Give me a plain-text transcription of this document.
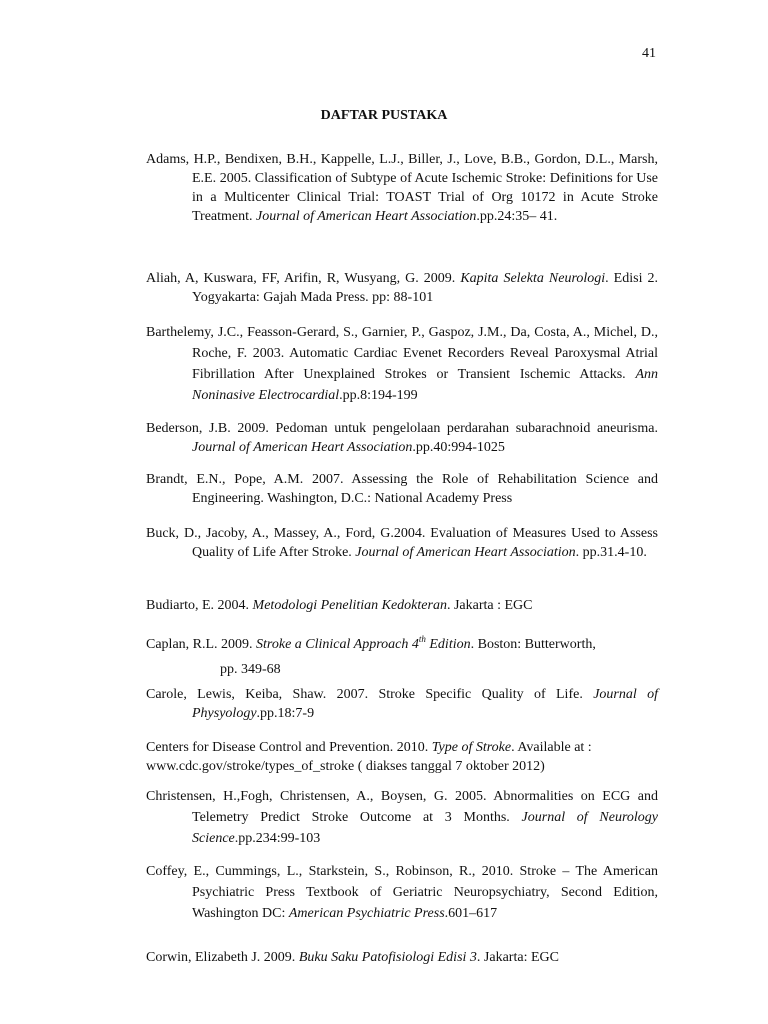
41
DAFTAR PUSTAKA
Adams, H.P., Bendixen, B.H., Kappelle, L.J., Biller, J., Love, B.B., Gordon, D.L., Marsh, E.E. 2005. Classification of Subtype of Acute Ischemic Stroke: Definitions for Use in a Multicenter Clinical Trial: TOAST Trial of Org 10172 in Acute Stroke Treatment. Journal of American Heart Association.pp.24:35– 41.
Aliah, A, Kuswara, FF, Arifin, R, Wusyang, G. 2009. Kapita Selekta Neurologi. Edisi 2. Yogyakarta: Gajah Mada Press. pp: 88-101
Barthelemy, J.C., Feasson-Gerard, S., Garnier, P., Gaspoz, J.M., Da, Costa, A., Michel, D., Roche, F. 2003. Automatic Cardiac Evenet Recorders Reveal Paroxysmal Atrial Fibrillation After Unexplained Strokes or Transient Ischemic Attacks. Ann Noninasive Electrocardial.pp.8:194-199
Bederson, J.B. 2009. Pedoman untuk pengelolaan perdarahan subarachnoid aneurisma. Journal of American Heart Association.pp.40:994-1025
Brandt, E.N., Pope, A.M. 2007. Assessing the Role of Rehabilitation Science and Engineering. Washington, D.C.: National Academy Press
Buck, D., Jacoby, A., Massey, A., Ford, G.2004. Evaluation of Measures Used to Assess Quality of Life After Stroke. Journal of American Heart Association. pp.31.4-10.
Budiarto, E. 2004. Metodologi Penelitian Kedokteran. Jakarta : EGC
Caplan, R.L. 2009. Stroke a Clinical Approach 4th Edition. Boston: Butterworth,
pp. 349-68
Carole, Lewis, Keiba, Shaw. 2007. Stroke Specific Quality of Life. Journal of Physyology.pp.18:7-9
Centers for Disease Control and Prevention. 2010. Type of Stroke. Available at : www.cdc.gov/stroke/types_of_stroke ( diakses tanggal 7 oktober 2012)
Christensen, H.,Fogh, Christensen, A., Boysen, G. 2005. Abnormalities on ECG and Telemetry Predict Stroke Outcome at 3 Months. Journal of Neurology Science.pp.234:99-103
Coffey, E., Cummings, L., Starkstein, S., Robinson, R., 2010. Stroke – The American Psychiatric Press Textbook of Geriatric Neuropsychiatry, Second Edition, Washington DC: American Psychiatric Press.601–617
Corwin, Elizabeth J. 2009. Buku Saku Patofisiologi Edisi 3. Jakarta: EGC
